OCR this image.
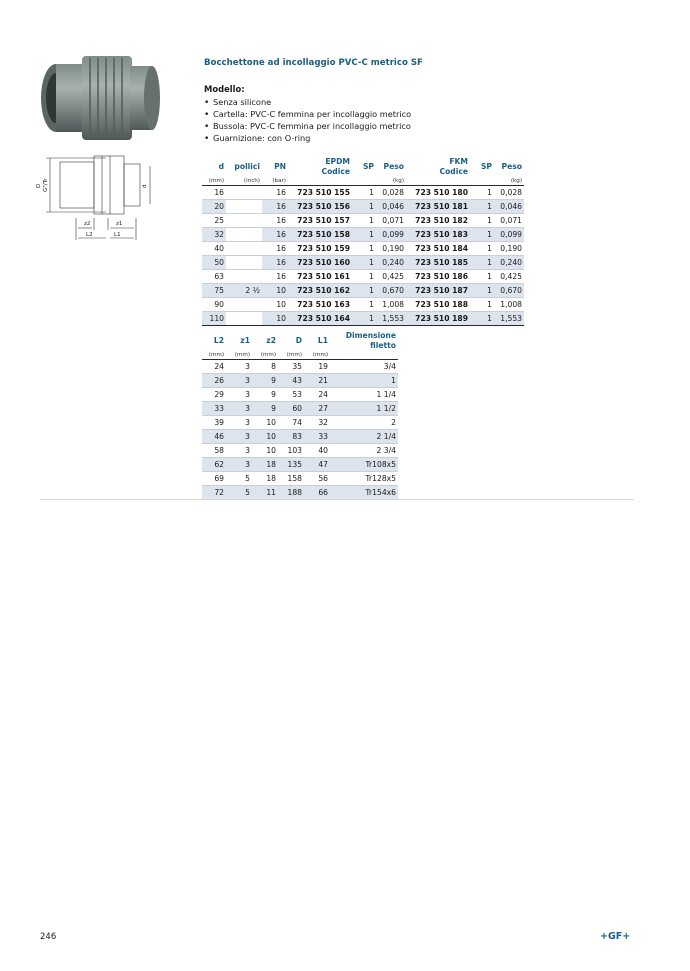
D G"/Tr	d
z2	z1
L2	L1
Bocchettone ad incollaggio PVC-C metrico SF
Modello:
• Senza silicone
• Cartella: PVC-C femmina per incollaggio metrico
• Bussola: PVC-C femmina per incollaggio metrico
• Guarnizione: con O-ring
d	pollici	PN	EPDM
Codice	SP	Peso	FKM
Codice	SP	Peso
(mm)	(inch)	(bar)			(kg)			(kg)
16		16	723 510 155	1	0,028	723 510 180	1	0,028
20		16	723 510 156	1	0,046	723 510 181	1	0,046
25		16	723 510 157	1	0,071	723 510 182	1	0,071
32		16	723 510 158	1	0,099	723 510 183	1	0,099
40		16	723 510 159	1	0,190	723 510 184	1	0,190
50		16	723 510 160	1	0,240	723 510 185	1	0,240
63		16	723 510 161	1	0,425	723 510 186	1	0,425
75	2 ½	10	723 510 162	1	0,670	723 510 187	1	0,670
90		10	723 510 163	1	1,008	723 510 188	1	1,008
110		10	723 510 164	1	1,553	723 510 189	1	1,553
L2	z1	z2	D	L1	Dimensione
filetto
(mm)	(mm)	(mm)	(mm)	(mm)	
24	3	8	35	19	3/4
26	3	9	43	21	1
29	3	9	53	24	1 1/4
33	3	9	60	27	1 1/2
39	3	10	74	32	2
46	3	10	83	33	2 1/4
58	3	10	103	40	2 3/4
62	3	18	135	47	Tr108x5
69	5	18	158	56	Tr128x5
72	5	11	188	66	Tr154x6
246	+GF+
